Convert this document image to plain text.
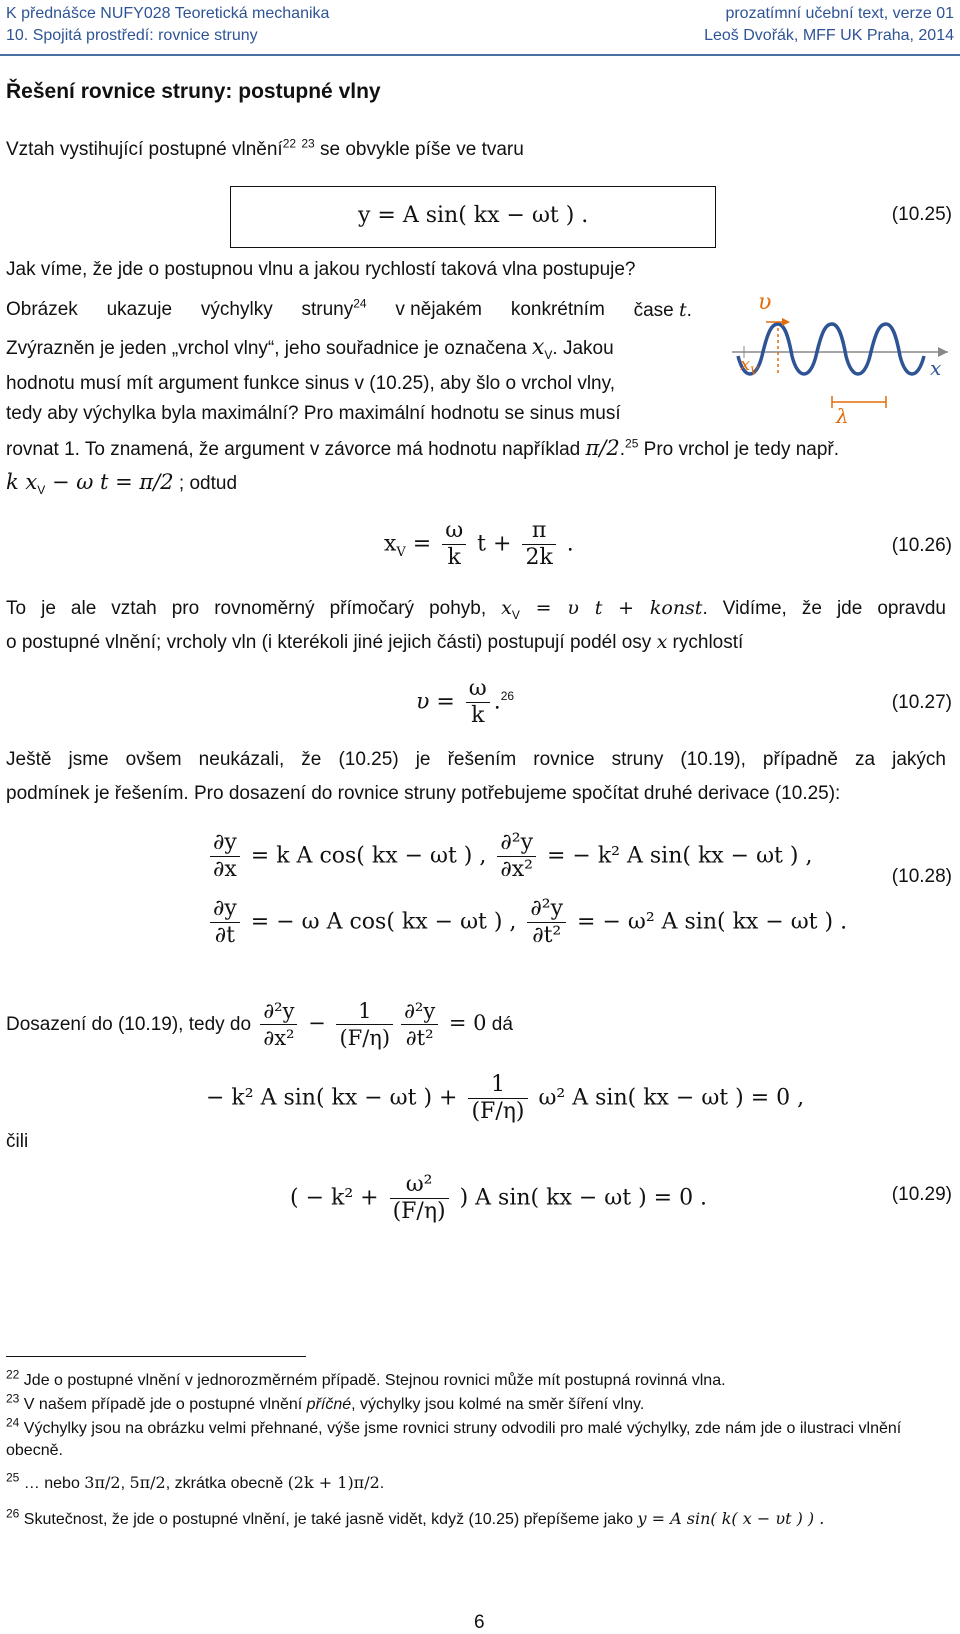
K přednášce NUFY028 Teoretická mechanika
10. Spojitá prostředí: rovnice struny
prozatímní učební text, verze 01
Leoš Dvořák, MFF UK Praha, 2014
Řešení rovnice struny: postupné vlny
Vztah vystihující postupné vlnění$^{22}$ $^{23}$ se obvykle píše ve tvaru
y = A sin( kx − ωt ) .	(10.25)
Jak víme, že jde o postupnou vlnu a jakou rychlostí taková vlna postupuje?
Obrázek ukazuje výchylky struny$^{24}$ v nějakém konkrétním čase t.
Zvýrazněn je jeden „vrchol vlny“, jeho souřadnice je označena $x_V$. Jakou
hodnotu musí mít argument funkce sinus v (10.25), aby šlo o vrchol vlny,
tedy aby výchylka byla maximální? Pro maximální hodnotu se sinus musí
rovnat 1. To znamená, že argument v závorce má hodnotu například π/2.25 Pro vrchol je tedy např.
k $x_V - \omega$ t = π/2 ; odtud
υ
$x_V$	x
λ
$x_V = \frac{\omega}{k}$ $t + \frac{\pi}{2k}$ .	(10.26)
To je ale vztah pro rovnoměrný přímočarý pohyb, $x_V = \upsilon$ t + konst. Vidíme, že jde opravdu
o postupné vlnění; vrcholy vln (i kterékoli jiné jejich části) postupují podél osy x rychlostí
$\upsilon = \frac{\omega}{k} .^{26}$	(10.27)
Ještě jsme ovšem neukázali, že (10.25) je řešením rovnice struny (10.19), případně za jakých
podmínek je řešením. Pro dosazení do rovnice struny potřebujeme spočítat druhé derivace (10.25):
$\frac{\partial y}{\partial x} = k$ A cos( kx − ωt ) , $\frac{\text{∂²y}}{\text{∂x²}}$ = − k² A sin( kx − ωt ) ,
$\frac{\partial y}{\partial t}$ = − ω A cos( kx − ωt ) , $\frac{\text{∂²y}}{\text{∂t²}}$ = − ω² A sin( kx − ωt ) .
(10.28)
Dosazení do (10.19), tedy do $\frac{\text{∂²y}}{\text{∂x²}} - \frac{1}{(F/\eta)} \frac{\text{∂²y}}{\text{∂t²}} = 0$ dá
− k² A sin( kx − ωt ) + $\frac{1}{(F/\eta)} \omega^2$ A sin( kx − ωt ) = 0 ,
čili
( − $k^2 + \frac{\text{ω²}}{(F/\eta)}$ ) A sin( kx − ωt ) = 0 .	(10.29)
$^{22}$ Jde o postupné vlnění v jednorozměrném případě. Stejnou rovnici může mít postupná rovinná vlna.
$^{23}$ V našem případě jde o postupné vlnění příčné, výchylky jsou kolmé na směr šíření vlny.
$^{24}$ Výchylky jsou na obrázku velmi přehnané, výše jsme rovnici struny odvodili pro malé výchylky, zde nám jde o ilustraci vlnění obecně.
$^{25}$ … nebo 3π/2, 5π/2, zkrátka obecně (2k + 1)π/2.
$^{26}$ Skutečnost, že jde o postupné vlnění, je také jasně vidět, když (10.25) přepíšeme jako y = A sin( k( x − υt ) ) .
6
